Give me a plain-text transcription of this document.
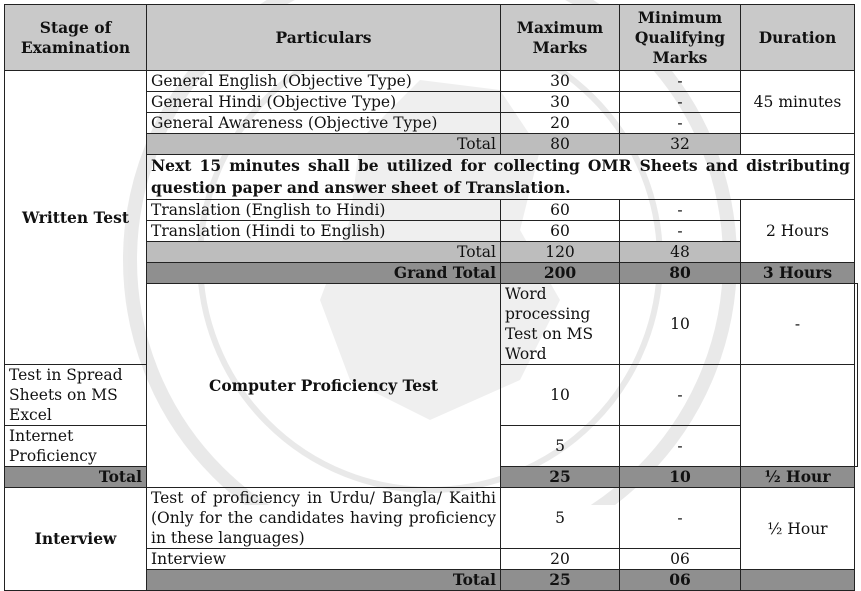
Stage of Examination	Particulars	Maximum Marks	Minimum Qualifying Marks	Duration	
Written Test	General English (Objective Type)	30	-	45 minutes	
	General Hindi (Objective Type)	30	-		
	General Awareness (Objective Type)	20	-		
	Total	80	32		
	Next 15 minutes shall be utilized for collecting OMR Sheets and distributing question paper and answer sheet of Translation.				
	Translation (English to Hindi)	60	-	2 Hours	
	Translation (Hindi to English)	60	-		
	Total	120	48		
	Grand Total	200	80	3 Hours	
	Computer Proficiency Test	Word processing Test on MS Word	10	-	
Test in Spread Sheets on MS Excel		10	-		
Internet Proficiency		5	-		
Total		25	10	½ Hour	
Interview	Test of proficiency in Urdu/ Bangla/ Kaithi (Only for the candidates having proficiency in these languages)	5	-	½ Hour	
	Interview	20	06		
	Total	25	06		
